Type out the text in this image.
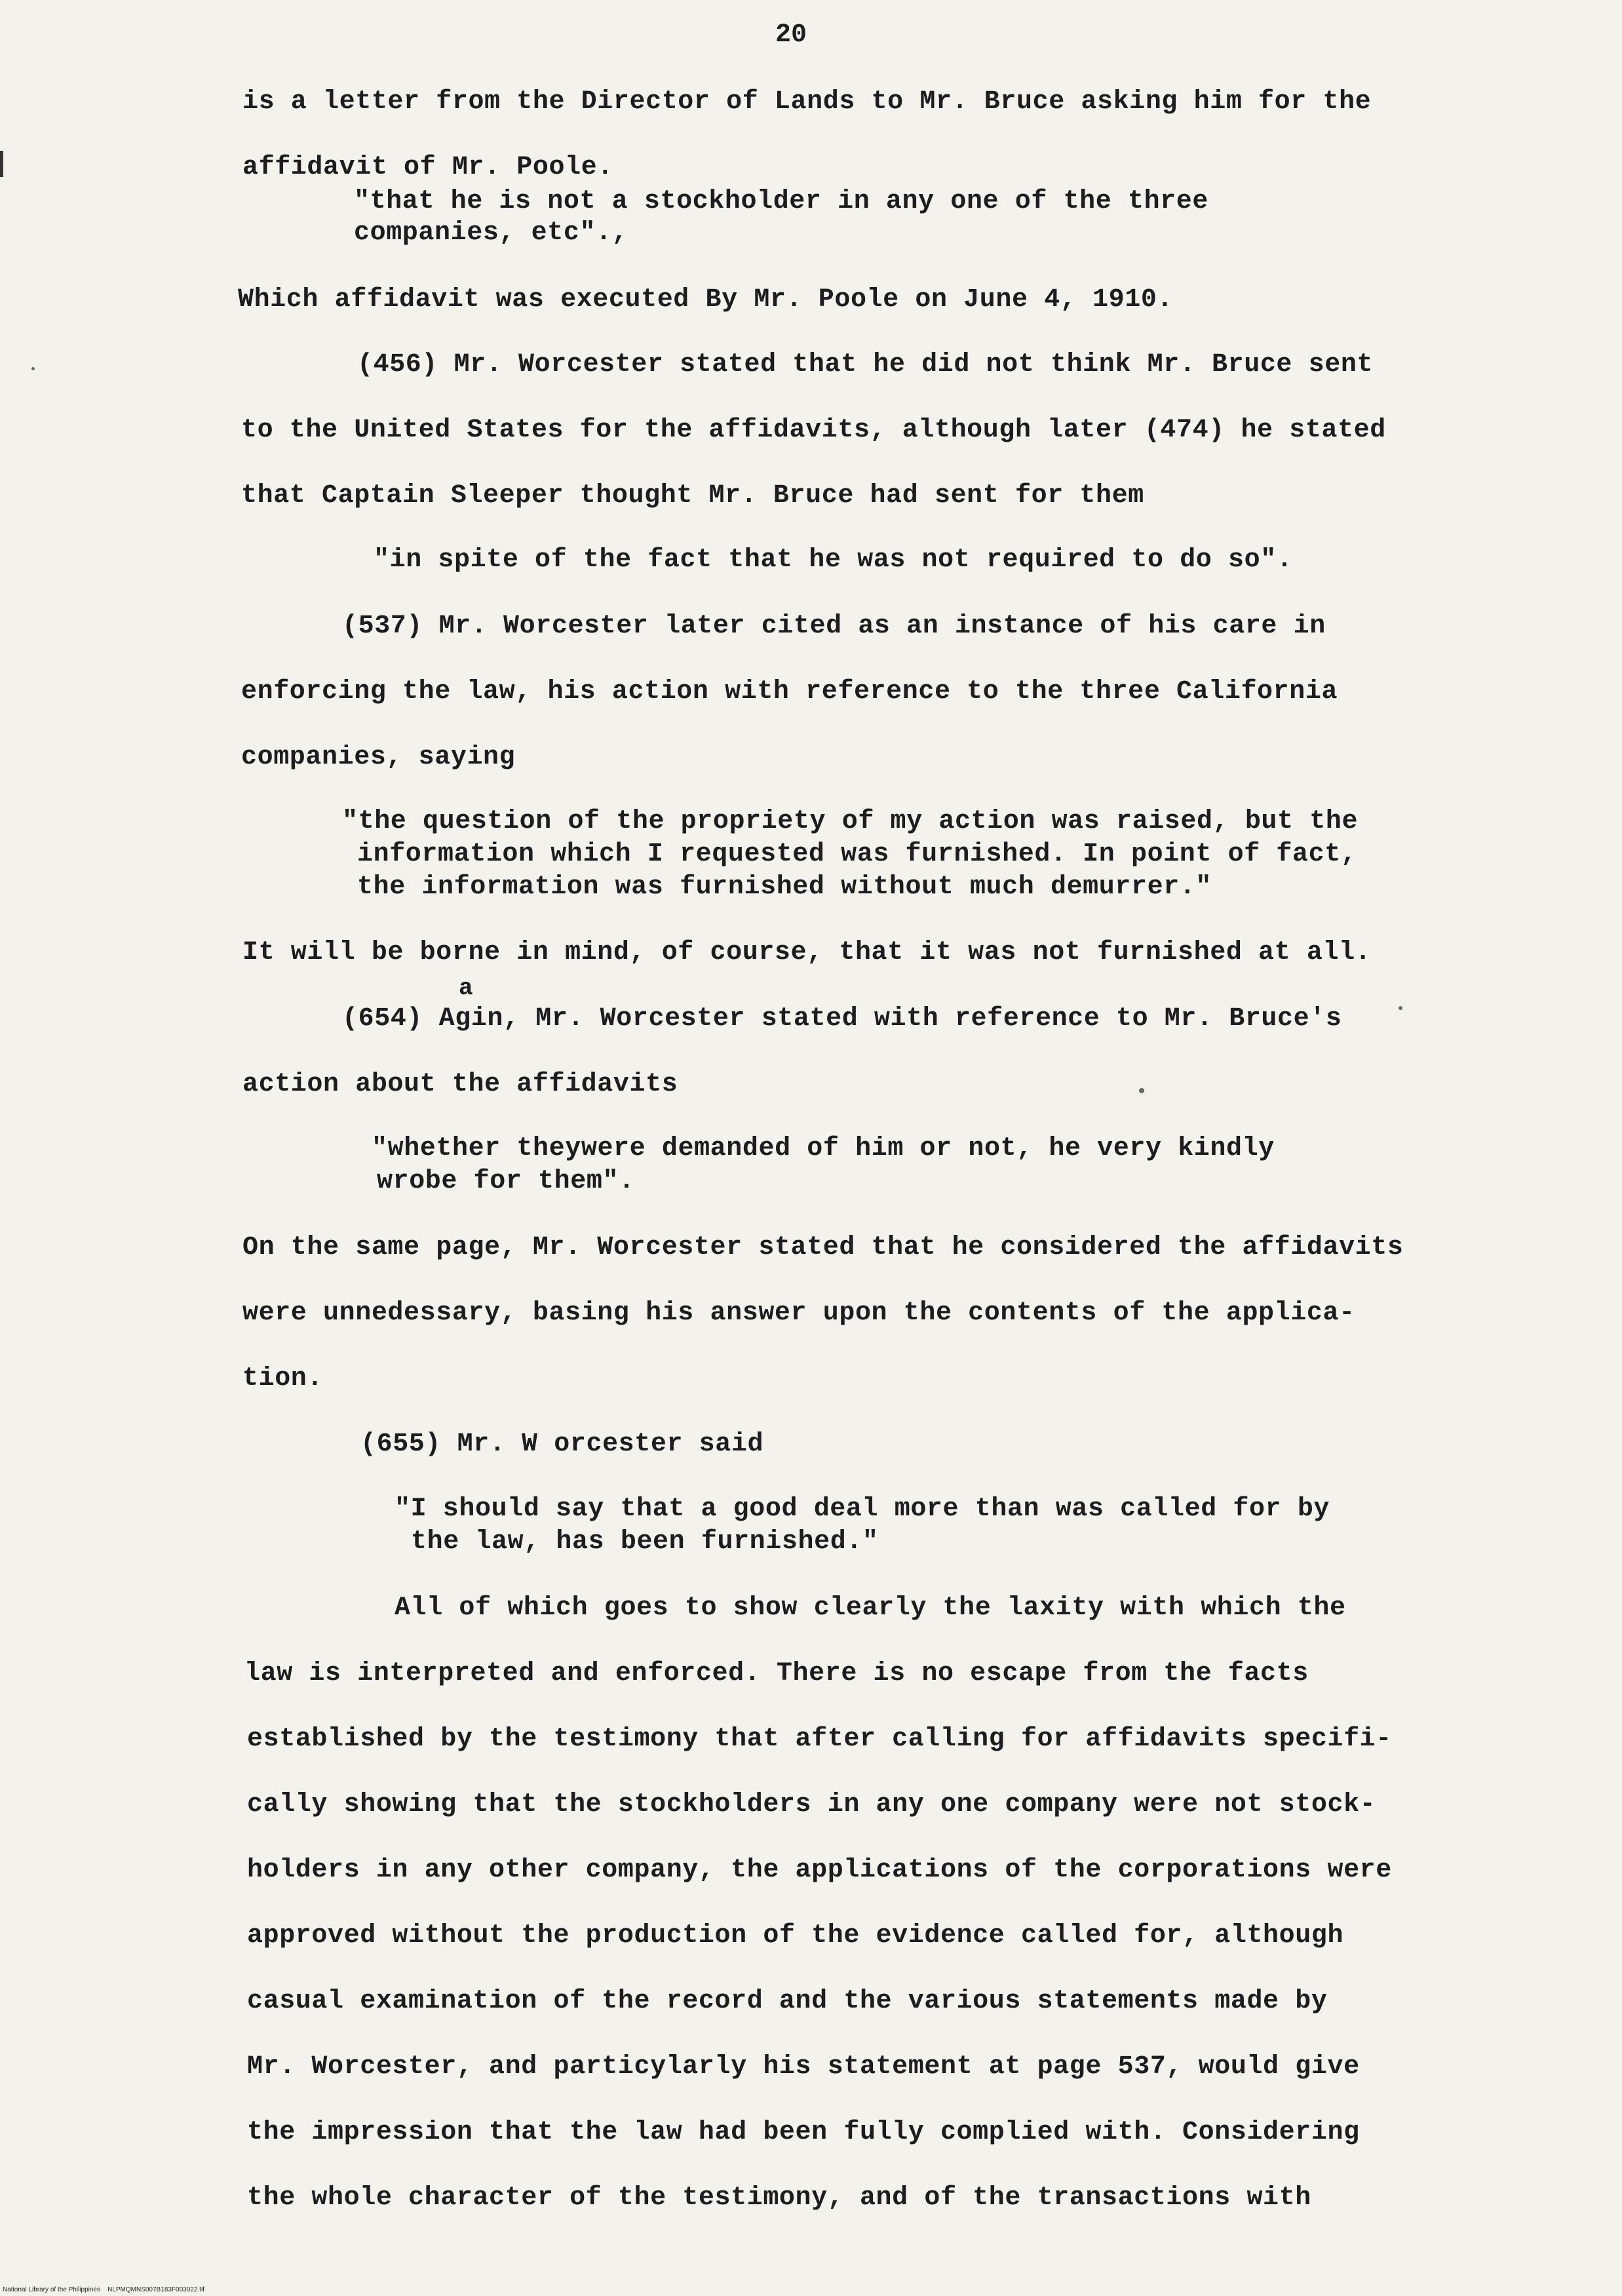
20
is a letter from the Director of Lands to Mr. Bruce asking him for the
affidavit of Mr. Poole.
"that he is not a stockholder in any one of the three
companies, etc".,
Which affidavit was executed By Mr. Poole on June 4, 1910.
(456) Mr. Worcester stated that he did not think Mr. Bruce sent
to the United States for the affidavits, although later (474) he stated
that Captain Sleeper thought Mr. Bruce had sent for them
"in spite of the fact that he was not required to do so".
(537) Mr. Worcester later cited as an instance of his care in
enforcing the law, his action with reference to the three California
companies, saying
"the question of the propriety of my action was raised, but the
information which I requested was furnished. In point of fact,
the information was furnished without much demurrer."
It will be borne in mind, of course, that it was not furnished at all.
a
(654) Agin, Mr. Worcester stated with reference to Mr. Bruce's
action about the affidavits
"whether theywere demanded of him or not, he very kindly
wrobe for them".
On the same page, Mr. Worcester stated that he considered the affidavits
were unnedessary, basing his answer upon the contents of the applica-
tion.
(655) Mr. W orcester said
"I should say that a good deal more than was called for by
the law, has been furnished."
All of which goes to show clearly the laxity with which the
law is interpreted and enforced. There is no escape from the facts
established by the testimony that after calling for affidavits specifi-
cally showing that the stockholders in any one company were not stock-
holders in any other company, the applications of the corporations were
approved without the production of the evidence called for, although
casual examination of the record and the various statements made by
Mr. Worcester, and particylarly his statement at page 537, would give
the impression that the law had been fully complied with. Considering
the whole character of the testimony, and of the transactions with
National Library of the Philippines    NLPMQMNS007B183F003022.tif
